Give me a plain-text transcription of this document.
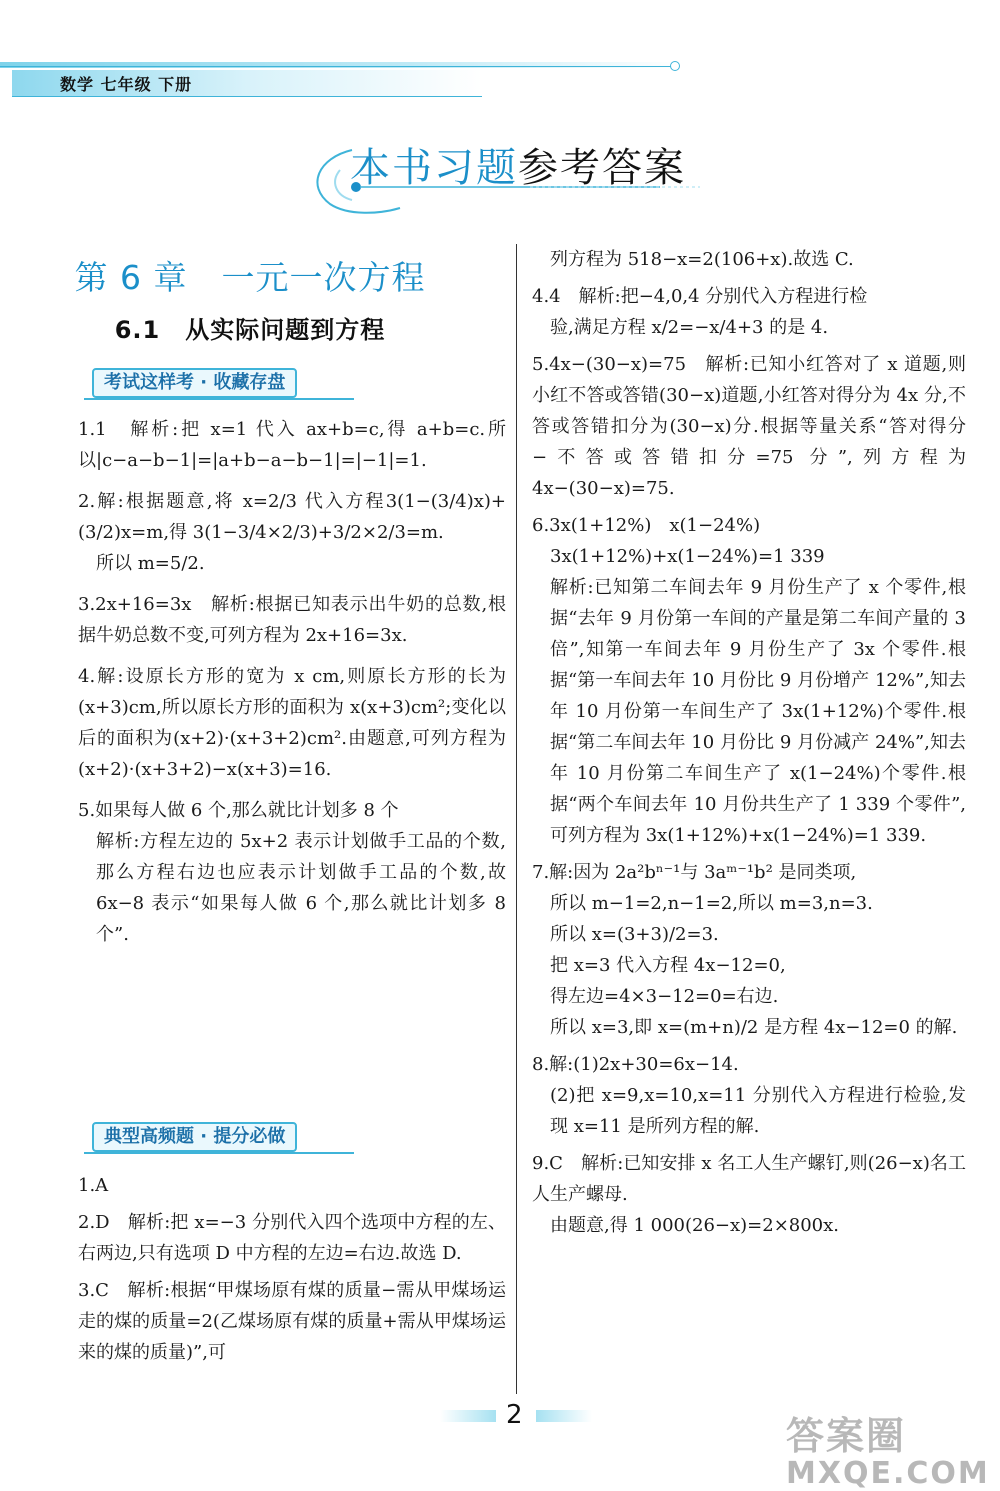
数学 七年级 下册
本书习题参考答案
第 6 章　一元一次方程
6.1　从实际问题到方程
考试这样考 · 收藏存盘

1.1　解析:把 x=1 代入 ax+b=c,得 a+b=c.所以|c−a−b−1|=|a+b−a−b−1|=|−1|=1.

2.解:根据题意,将 x=2/3 代入方程3(1−(3/4)x)+(3/2)x=m,得 3(1−3/4×2/3)+3/2×2/3=m.

所以 m=5/2.

3.2x+16=3x　解析:根据已知表示出牛奶的总数,根据牛奶总数不变,可列方程为 2x+16=3x.

4.解:设原长方形的宽为 x cm,则原长方形的长为(x+3)cm,所以原长方形的面积为 x(x+3)cm²;变化以后的面积为(x+2)·(x+3+2)cm².由题意,可列方程为(x+2)·(x+3+2)−x(x+3)=16.

5.如果每人做 6 个,那么就比计划多 8 个

解析:方程左边的 5x+2 表示计划做手工品的个数,那么方程右边也应表示计划做手工品的个数,故 6x−8 表示“如果每人做 6 个,那么就比计划多 8 个”.

典型高频题 · 提分必做

1.A

2.D　解析:把 x=−3 分别代入四个选项中方程的左、右两边,只有选项 D 中方程的左边=右边.故选 D.

3.C　解析:根据“甲煤场原有煤的质量−需从甲煤场运走的煤的质量=2(乙煤场原有煤的质量+需从甲煤场运来的煤的质量)”,可

列方程为 518−x=2(106+x).故选 C.

4.4　解析:把−4,0,4 分别代入方程进行检

验,满足方程 x/2=−x/4+3 的是 4.

5.4x−(30−x)=75　解析:已知小红答对了 x 道题,则小红不答或答错(30−x)道题,小红答对得分为 4x 分,不答或答错扣分为(30−x)分.根据等量关系“答对得分−不答或答错扣分=75 分”,列方程为 4x−(30−x)=75.

6.3x(1+12%)　x(1−24%)

3x(1+12%)+x(1−24%)=1 339

解析:已知第二车间去年 9 月份生产了 x 个零件,根据“去年 9 月份第一车间的产量是第二车间产量的 3 倍”,知第一车间去年 9 月份生产了 3x 个零件.根据“第一车间去年 10 月份比 9 月份增产 12%”,知去年 10 月份第一车间生产了 3x(1+12%)个零件.根据“第二车间去年 10 月份比 9 月份减产 24%”,知去年 10 月份第二车间生产了 x(1−24%)个零件.根据“两个车间去年 10 月份共生产了 1 339 个零件”,可列方程为 3x(1+12%)+x(1−24%)=1 339.

7.解:因为 2a²bⁿ⁻¹与 3aᵐ⁻¹b² 是同类项,

所以 m−1=2,n−1=2,所以 m=3,n=3.

所以 x=(3+3)/2=3.

把 x=3 代入方程 4x−12=0,

得左边=4×3−12=0=右边.

所以 x=3,即 x=(m+n)/2 是方程 4x−12=0 的解.

8.解:(1)2x+30=6x−14.

(2)把 x=9,x=10,x=11 分别代入方程进行检验,发现 x=11 是所列方程的解.

9.C　解析:已知安排 x 名工人生产螺钉,则(26−x)名工人生产螺母.

由题意,得 1 000(26−x)=2×800x.

2	答案圈
MXQE.COM
